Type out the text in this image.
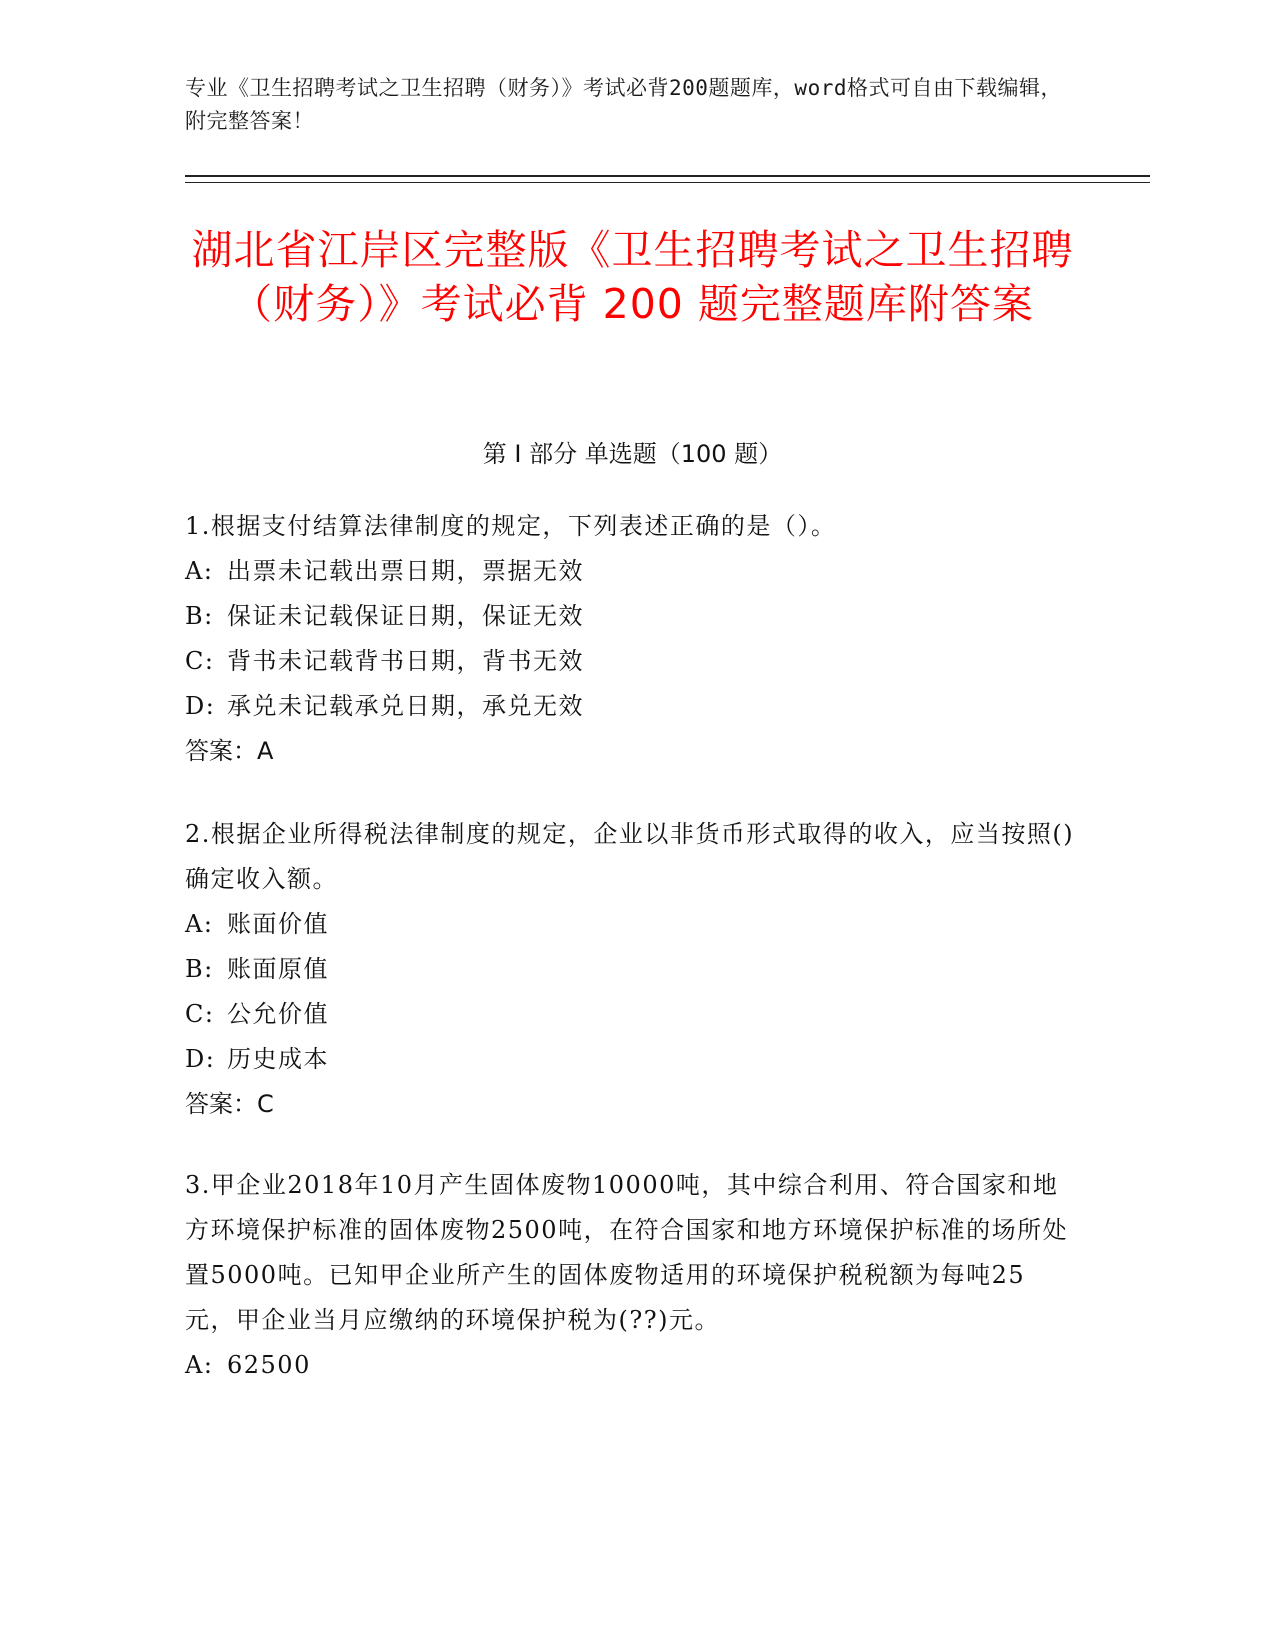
专业《卫生招聘考试之卫生招聘（财务）》考试必背200题题库，word格式可自由下载编辑，附完整答案！
湖北省江岸区完整版《卫生招聘考试之卫生招聘（财务）》考试必背 200 题完整题库附答案
第 I 部分 单选题（100 题）

1.根据支付结算法律制度的规定，下列表述正确的是（）。

A: 出票未记载出票日期，票据无效

B: 保证未记载保证日期，保证无效

C: 背书未记载背书日期，背书无效

D: 承兑未记载承兑日期，承兑无效

答案：A

2.根据企业所得税法律制度的规定，企业以非货币形式取得的收入，应当按照()确定收入额。

A: 账面价值

B: 账面原值

C: 公允价值

D: 历史成本

答案：C

3.甲企业2018年10月产生固体废物10000吨，其中综合利用、符合国家和地方环境保护标准的固体废物2500吨，在符合国家和地方环境保护标准的场所处置5000吨。已知甲企业所产生的固体废物适用的环境保护税税额为每吨25元，甲企业当月应缴纳的环境保护税为(??)元。

A: 62500
